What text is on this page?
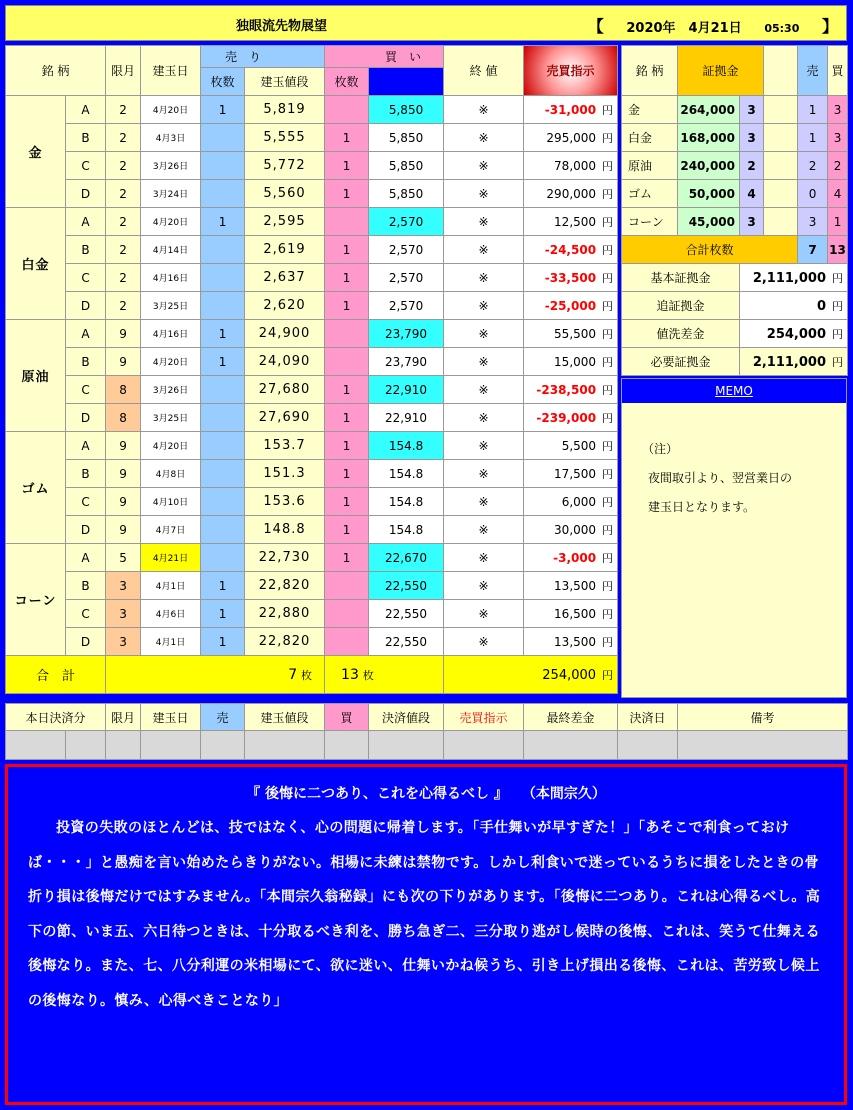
独眼流先物展望	【 2020年　4月21日 05:30 】
銘 柄		限月	建玉日	売　り		買　い		終 値	売買指示	
				枚数	建玉値段	枚数				
金	A	2	4月20日	1	5,819		5,850	※	-31,000 円	
	B	2	4月3日		5,555	1	5,850	※	295,000 円	
	C	2	3月26日		5,772	1	5,850	※	78,000 円	
	D	2	3月24日		5,560	1	5,850	※	290,000 円	
白金	A	2	4月20日	1	2,595		2,570	※	12,500 円	
	B	2	4月14日		2,619	1	2,570	※	-24,500 円	
	C	2	4月16日		2,637	1	2,570	※	-33,500 円	
	D	2	3月25日		2,620	1	2,570	※	-25,000 円	
原油	A	9	4月16日	1	24,900		23,790	※	55,500 円	
	B	9	4月20日	1	24,090		23,790	※	15,000 円	
	C	8	3月26日		27,680	1	22,910	※	-238,500 円	
	D	8	3月25日		27,690	1	22,910	※	-239,000 円	
ゴム	A	9	4月20日		153.7	1	154.8	※	5,500 円	
	B	9	4月8日		151.3	1	154.8	※	17,500 円	
	C	9	4月10日		153.6	1	154.8	※	6,000 円	
	D	9	4月7日		148.8	1	154.8	※	30,000 円	
コーン	A	5	4月21日		22,730	1	22,670	※	-3,000 円	
	B	3	4月1日	1	22,820		22,550	※	13,500 円	
	C	3	4月6日	1	22,880		22,550	※	16,500 円	
	D	3	4月1日	1	22,820		22,550	※	13,500 円	
合　計		7 枚				13 枚		254,000 円		
銘 柄	証拠金			売	買
金	264,000	3		1	3
白金	168,000	3		1	3
原油	240,000	2		2	2
ゴム	50,000	4		0	4
コーン	45,000	3		3	1
合計枚数				7	13
基本証拠金		2,111,000 円			
追証拠金		0 円			
値洗差金		254,000 円			
必要証拠金		2,111,000 円			
MEMO
（注）
夜間取引より、翌営業日の
建玉日となります。
本日決済分		限月	建玉日	売	建玉値段	買	決済値段	売買指示	最終差金	決済日	備考

『 後悔に二つあり、これを心得るべし 』　　（本間宗久）
投資の失敗のほとんどは、技ではなく、心の問題に帰着します。「手仕舞いが早すぎた！」「あそこで利食っておけば・・・」と愚痴を言い始めたらきりがない。相場に未練は禁物です。しかし利食いで迷っているうちに損をしたときの骨折り損は後悔だけではすみません。「本間宗久翁秘録」にも次の下りがあります。「後悔に二つあり。これは心得るべし。高下の節、いま五、六日待つときは、十分取るべき利を、勝ち急ぎ二、三分取り逃がし候時の後悔、これは、笑うて仕舞える後悔なり。また、七、八分利運の米相場にて、欲に迷い、仕舞いかね候うち、引き上げ損出る後悔、これは、苦労致し候上の後悔なり。慎み、心得べきことなり」
